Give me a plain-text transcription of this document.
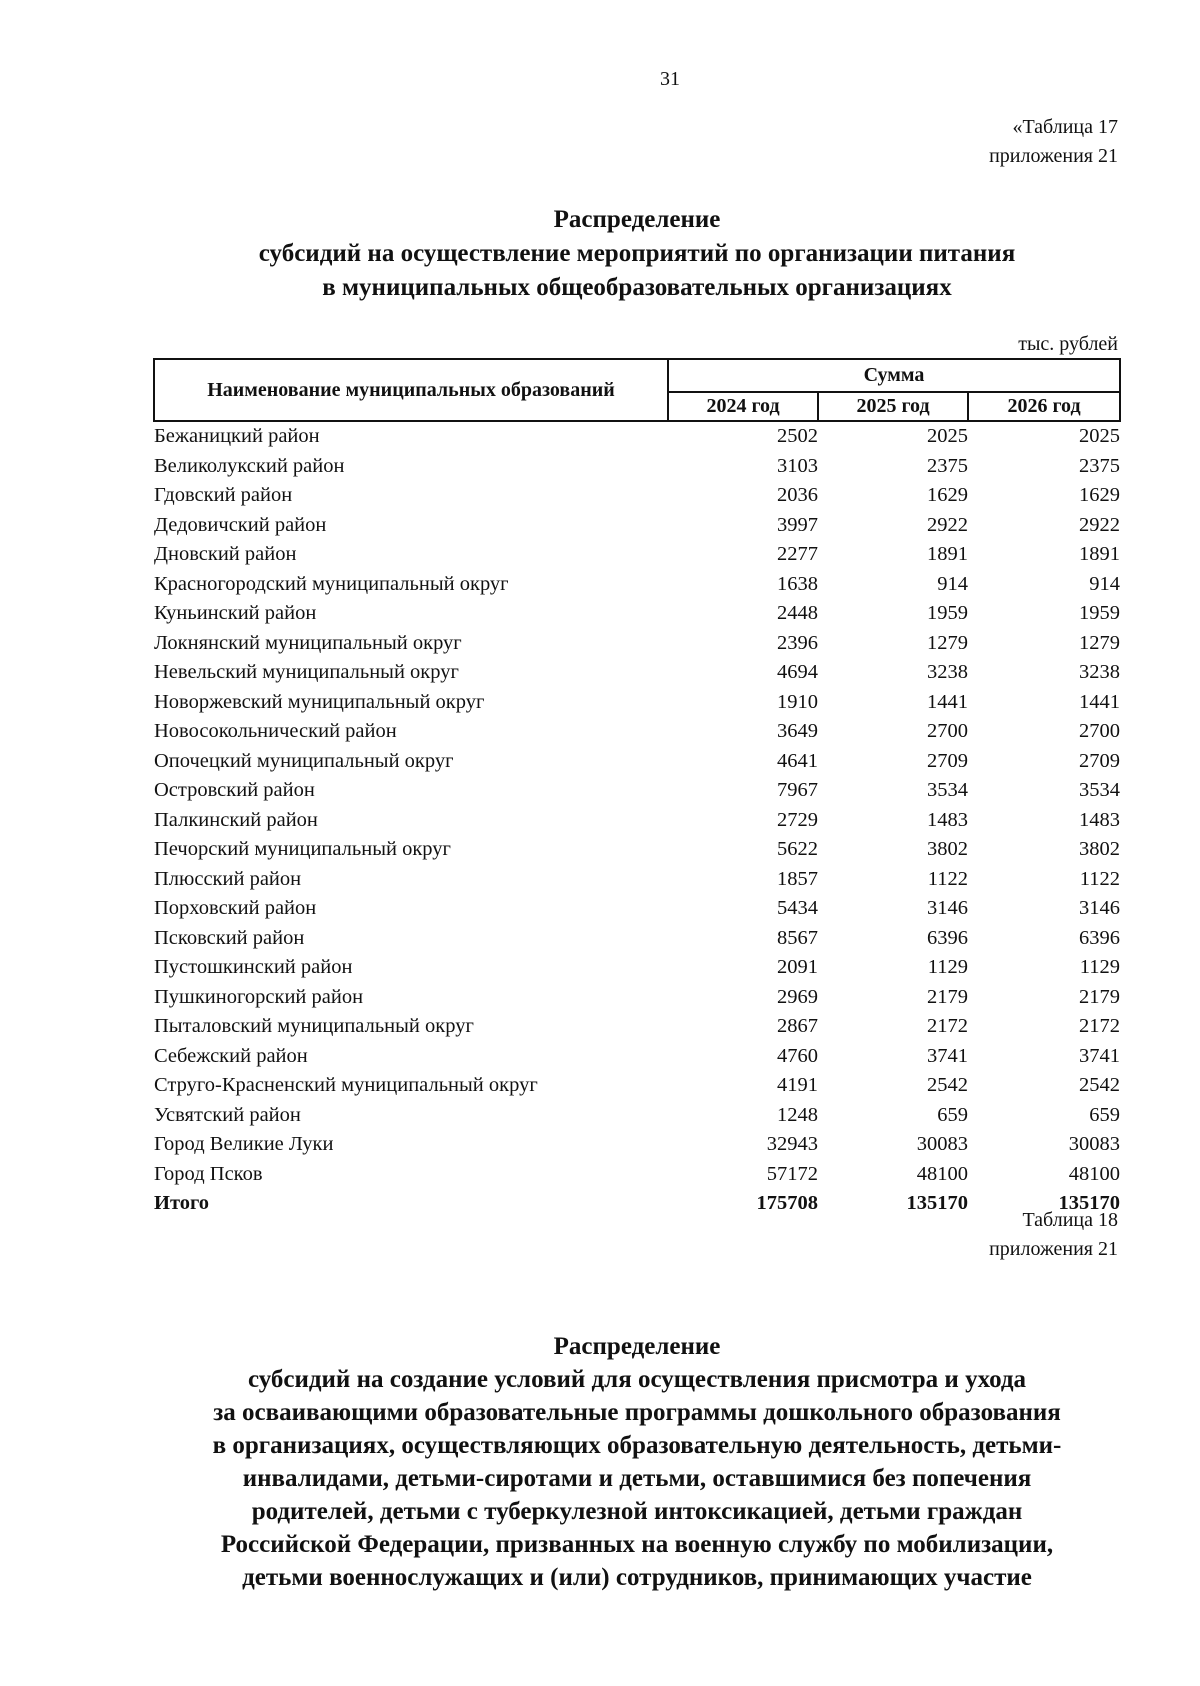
31
«Таблица 17
приложения 21
Распределение
субсидий на осуществление мероприятий по организации питания
в муниципальных общеобразовательных организациях
тыс. рублей
Наименование муниципальных образований	Сумма		
	2024 год	2025 год	2026 год
Бежаницкий район	2502	2025	2025
Великолукский район	3103	2375	2375
Гдовский район	2036	1629	1629
Дедовичский район	3997	2922	2922
Дновский район	2277	1891	1891
Красногородский муниципальный округ	1638	914	914
Куньинский район	2448	1959	1959
Локнянский муниципальный округ	2396	1279	1279
Невельский муниципальный округ	4694	3238	3238
Новоржевский муниципальный округ	1910	1441	1441
Новосокольнический район	3649	2700	2700
Опочецкий муниципальный округ	4641	2709	2709
Островский район	7967	3534	3534
Палкинский район	2729	1483	1483
Печорский муниципальный округ	5622	3802	3802
Плюсский район	1857	1122	1122
Порховский район	5434	3146	3146
Псковский район	8567	6396	6396
Пустошкинский район	2091	1129	1129
Пушкиногорский район	2969	2179	2179
Пыталовский муниципальный округ	2867	2172	2172
Себежский район	4760	3741	3741
Струго-Красненский муниципальный округ	4191	2542	2542
Усвятский район	1248	659	659
Город Великие Луки	32943	30083	30083
Город Псков	57172	48100	48100
Итого	175708	135170	135170
Таблица 18
приложения 21
Распределение
субсидий на создание условий для осуществления присмотра и ухода
за осваивающими образовательные программы дошкольного образования
в организациях, осуществляющих образовательную деятельность, детьми-
инвалидами, детьми-сиротами и детьми, оставшимися без попечения
родителей, детьми с туберкулезной интоксикацией, детьми граждан
Российской Федерации, призванных на военную службу по мобилизации,
детьми военнослужащих и (или) сотрудников, принимающих участие
